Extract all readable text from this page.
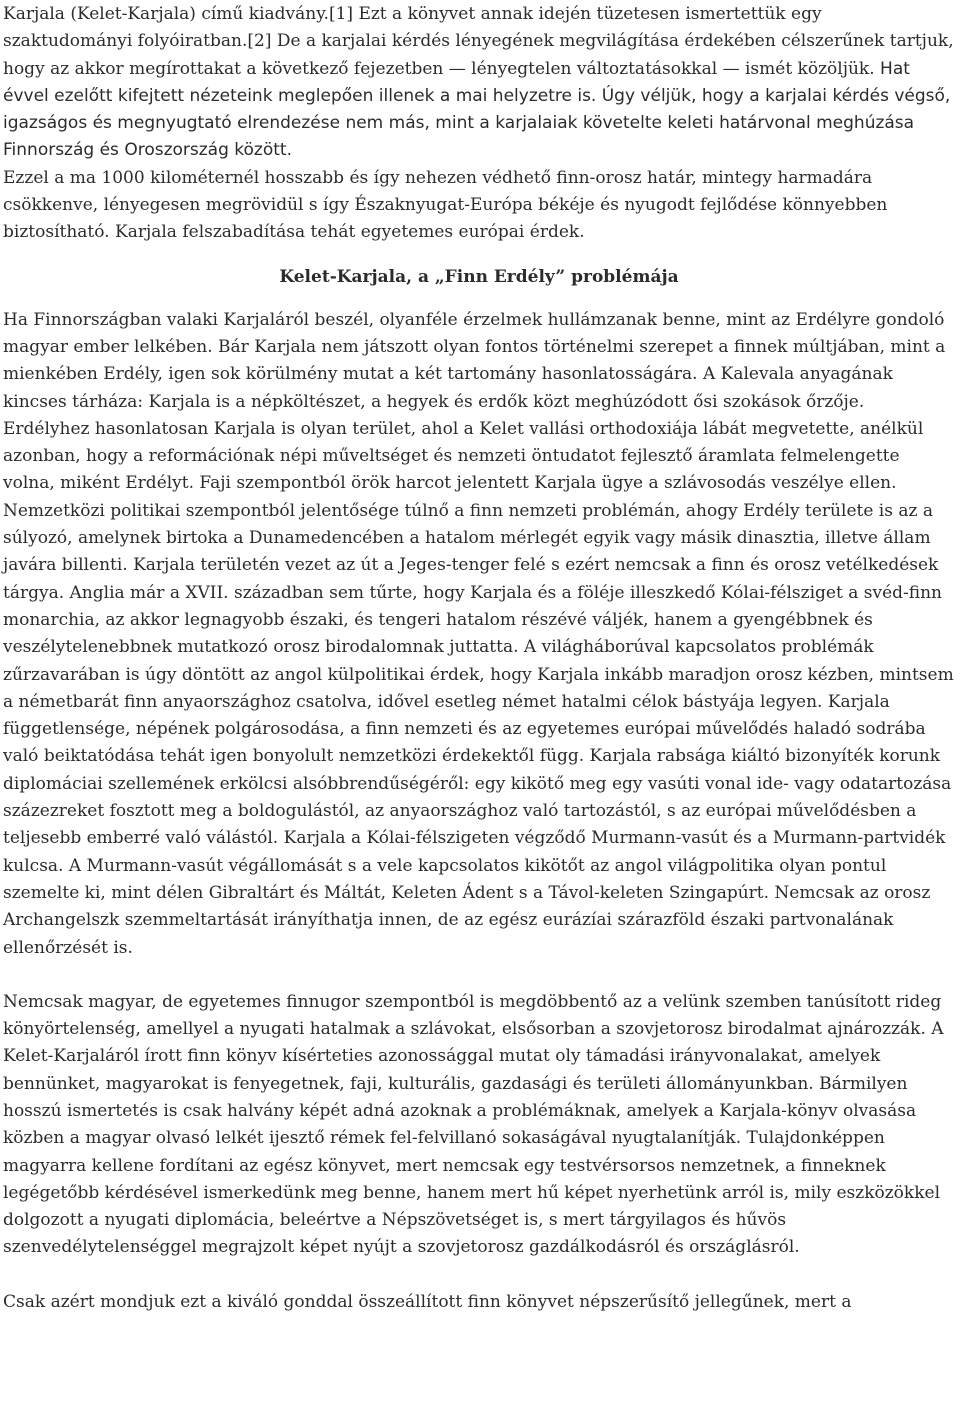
Karjala (Kelet-Karjala) című kiadvány.[1] Ezt a könyvet annak idején tüzetesen ismertettük egy szaktudományi folyóiratban.[2] De a karjalai kérdés lényegének megvilágítása érdekében célszerűnek tartjuk, hogy az akkor megírottakat a következő fejezetben — lényegtelen változtatásokkal — ismét közöljük. Hat évvel ezelőtt kifejtett nézeteink meglepően illenek a mai helyzetre is. Úgy véljük, hogy a karjalai kérdés végső, igazságos és megnyugtató elrendezése nem más, mint a karjalaiak követelte keleti határvonal meghúzása Finnország és Oroszország között.
Ezzel a ma 1000 kilométernél hosszabb és így nehezen védhető finn-orosz határ, mintegy harmadára csökkenve, lényegesen megrövidül s így Északnyugat-Európa békéje és nyugodt fejlődése könnyebben biztosítható. Karjala felszabadítása tehát egyetemes európai érdek.

Kelet-Karjala, a „Finn Erdély” problémája

Ha Finnországban valaki Karjaláról beszél, olyanféle érzelmek hullámzanak benne, mint az Erdélyre gondoló magyar ember lelkében. Bár Karjala nem játszott olyan fontos történelmi szerepet a finnek múltjában, mint a mienkében Erdély, igen sok körülmény mutat a két tartomány hasonlatosságára. A Kalevala anyagának kincses tárháza: Karjala is a népköltészet, a hegyek és erdők közt meghúzódott ősi szokások őrzője. Erdélyhez hasonlatosan Karjala is olyan terület, ahol a Kelet vallási orthodoxiája lábát megvetette, anélkül azonban, hogy a reformációnak népi műveltséget és nemzeti öntudatot fejlesztő áramlata felmelengette volna, miként Erdélyt. Faji szempontból örök harcot jelentett Karjala ügye a szlávosodás veszélye ellen. Nemzetközi politikai szempontból jelentősége túlnő a finn nemzeti problémán, ahogy Erdély területe is az a súlyozó, amelynek birtoka a Dunamedencében a hatalom mérlegét egyik vagy másik dinasztia, illetve állam javára billenti. Karjala területén vezet az út a Jeges-tenger felé s ezért nemcsak a finn és orosz vetélkedések tárgya. Anglia már a XVII. században sem tűrte, hogy Karjala és a föléje illeszkedő Kólai-félsziget a svéd-finn monarchia, az akkor legnagyobb északi, és tengeri hatalom részévé váljék, hanem a gyengébbnek és veszélytelenebbnek mutatkozó orosz birodalomnak juttatta. A világháborúval kapcsolatos problémák zűrzavarában is úgy döntött az angol külpolitikai érdek, hogy Karjala inkább maradjon orosz kézben, mintsem a németbarát finn anyaországhoz csatolva, idővel esetleg német hatalmi célok bástyája legyen. Karjala függetlensége, népének polgárosodása, a finn nemzeti és az egyetemes európai művelődés haladó sodrába való beiktatódása tehát igen bonyolult nemzetközi érdekektől függ. Karjala rabsága kiáltó bizonyíték korunk diplomáciai szellemének erkölcsi alsóbbrendűségéről: egy kikötő meg egy vasúti vonal ide- vagy odatartozása százezreket fosztott meg a boldogulástól, az anyaországhoz való tartozástól, s az európai művelődésben a teljesebb emberré való válástól. Karjala a Kólai-félszigeten végződő Murmann-vasút és a Murmann-partvidék kulcsa. A Murmann-vasút végállomását s a vele kapcsolatos kikötőt az angol világpolitika olyan pontul szemelte ki, mint délen Gibraltárt és Máltát, Keleten Ádent s a Távol-keleten Szingapúrt. Nemcsak az orosz Archangelszk szemmeltartását irányíthatja innen, de az egész eurázíai szárazföld északi partvonalának ellenőrzését is.

Nemcsak magyar, de egyetemes finnugor szempontból is megdöbbentő az a velünk szemben tanúsított rideg könyörtelenség, amellyel a nyugati hatalmak a szlávokat, elsősorban a szovjetorosz birodalmat ajnározzák. A Kelet-Karjaláról írott finn könyv kísérteties azonossággal mutat oly támadási irányvonalakat, amelyek bennünket, magyarokat is fenyegetnek, faji, kulturális, gazdasági és területi állományunkban. Bármilyen hosszú ismertetés is csak halvány képét adná azoknak a problémáknak, amelyek a Karjala-könyv olvasása közben a magyar olvasó lelkét ijesztő rémek fel-felvillanó sokaságával nyugtalanítják. Tulajdonképpen magyarra kellene fordítani az egész könyvet, mert nemcsak egy testvérsorsos nemzetnek, a finneknek legégetőbb kérdésével ismerkedünk meg benne, hanem mert hű képet nyerhetünk arról is, mily eszközökkel dolgozott a nyugati diplomácia, beleértve a Népszövetséget is, s mert tárgyilagos és hűvös szenvedélytelenséggel megrajzolt képet nyújt a szovjetorosz gazdálkodásról és országlásról.

Csak azért mondjuk ezt a kiváló gonddal összeállított finn könyvet népszerűsítő jellegűnek, mert a
